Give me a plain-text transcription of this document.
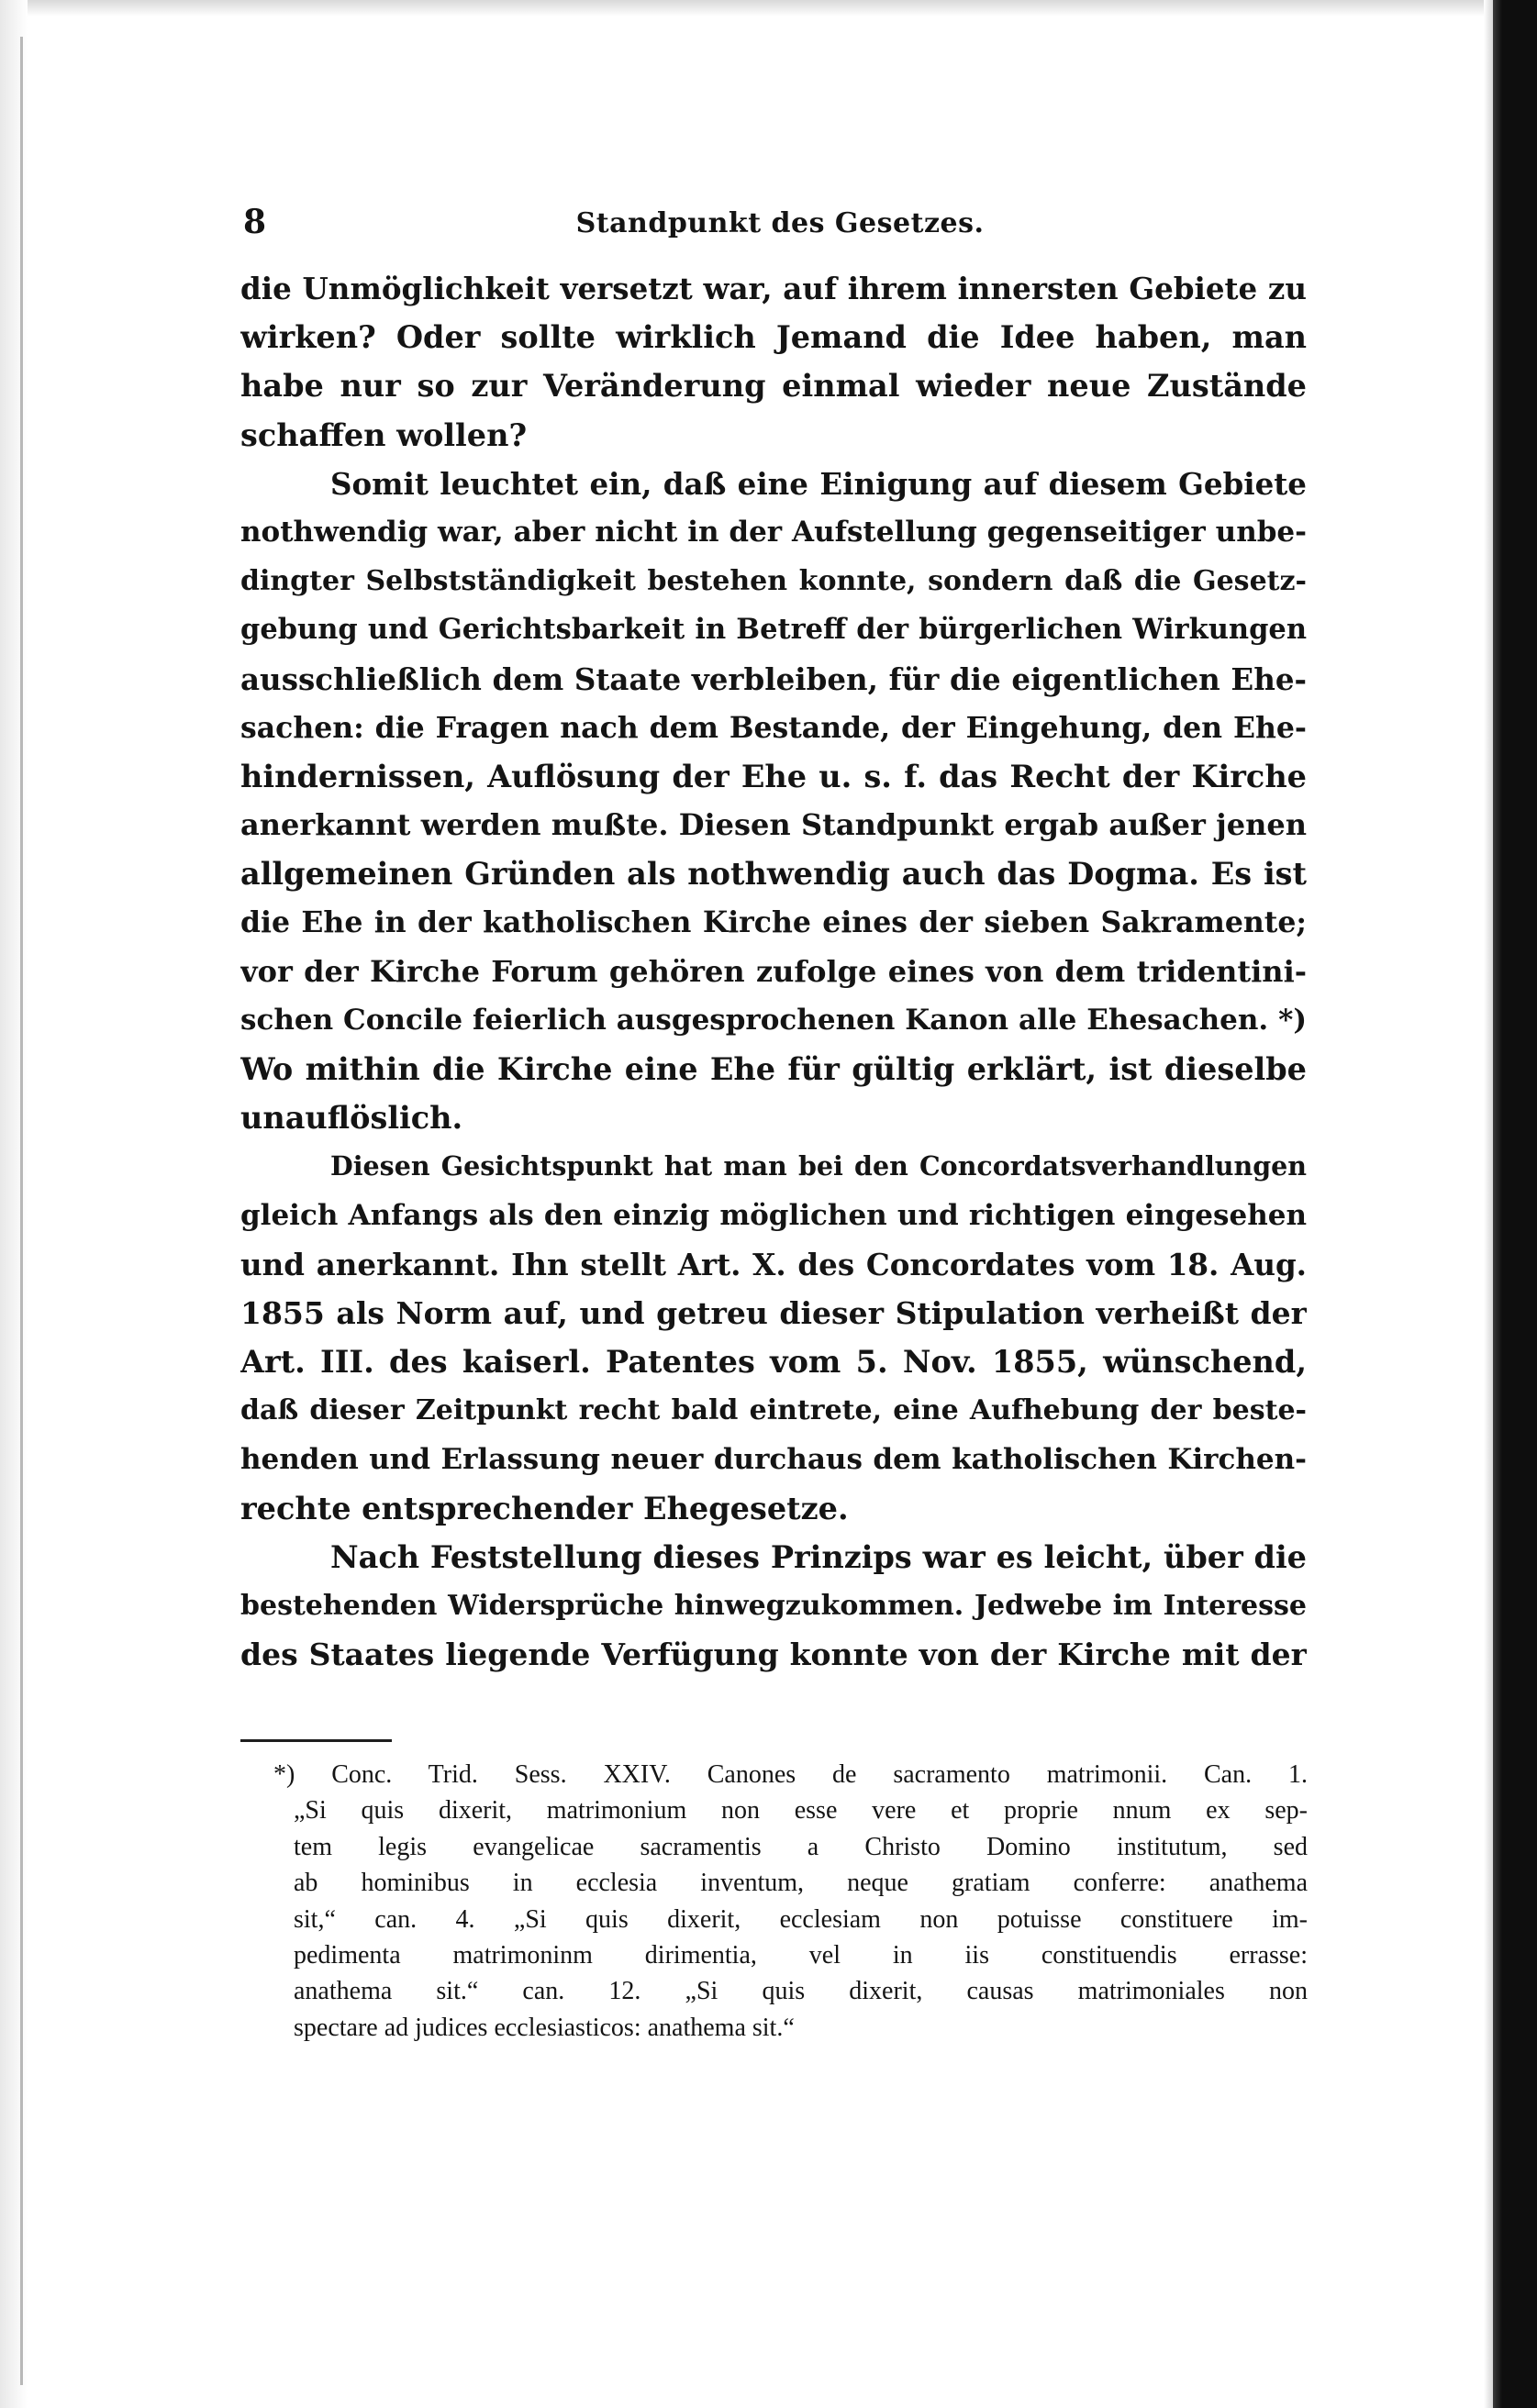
8	Standpunkt des Gesetzes.
die Unmöglichkeit versetzt war, auf ihrem innersten Gebiete zu
wirken? Oder sollte wirklich Jemand die Idee haben, man
habe nur so zur Veränderung einmal wieder neue Zustände
schaffen wollen?
Somit leuchtet ein, daß eine Einigung auf diesem Gebiete
nothwendig war, aber nicht in der Aufstellung gegenseitiger unbe-
dingter Selbstständigkeit bestehen konnte, sondern daß die Gesetz-
gebung und Gerichtsbarkeit in Betreff der bürgerlichen Wirkungen
ausschließlich dem Staate verbleiben, für die eigentlichen Ehe-
sachen: die Fragen nach dem Bestande, der Eingehung, den Ehe-
hindernissen, Auflösung der Ehe u. s. f. das Recht der Kirche
anerkannt werden mußte. Diesen Standpunkt ergab außer jenen
allgemeinen Gründen als nothwendig auch das Dogma. Es ist
die Ehe in der katholischen Kirche eines der sieben Sakramente;
vor der Kirche Forum gehören zufolge eines von dem tridentini-
schen Concile feierlich ausgesprochenen Kanon alle Ehesachen. *)
Wo mithin die Kirche eine Ehe für gültig erklärt, ist dieselbe
unauflöslich.
Diesen Gesichtspunkt hat man bei den Concordatsverhandlungen
gleich Anfangs als den einzig möglichen und richtigen eingesehen
und anerkannt. Ihn stellt Art. X. des Concordates vom 18. Aug.
1855 als Norm auf, und getreu dieser Stipulation verheißt der
Art. III. des kaiserl. Patentes vom 5. Nov. 1855, wünschend,
daß dieser Zeitpunkt recht bald eintrete, eine Aufhebung der beste-
henden und Erlassung neuer durchaus dem katholischen Kirchen-
rechte entsprechender Ehegesetze.
Nach Feststellung dieses Prinzips war es leicht, über die
bestehenden Widersprüche hinwegzukommen. Jedwebe im Interesse
des Staates liegende Verfügung konnte von der Kirche mit der
*) Conc. Trid. Sess. XXIV. Canones de sacramento matrimonii. Can. 1.
„Si quis dixerit, matrimonium non esse vere et proprie nnum ex sep-
tem legis evangelicae sacramentis a Christo Domino institutum, sed
ab hominibus in ecclesia inventum, neque gratiam conferre: anathema
sit,“ can. 4. „Si quis dixerit, ecclesiam non potuisse constituere im-
pedimenta matrimoninm dirimentia, vel in iis constituendis errasse:
anathema sit.“ can. 12. „Si quis dixerit, causas matrimoniales non
spectare ad judices ecclesiasticos: anathema sit.“
